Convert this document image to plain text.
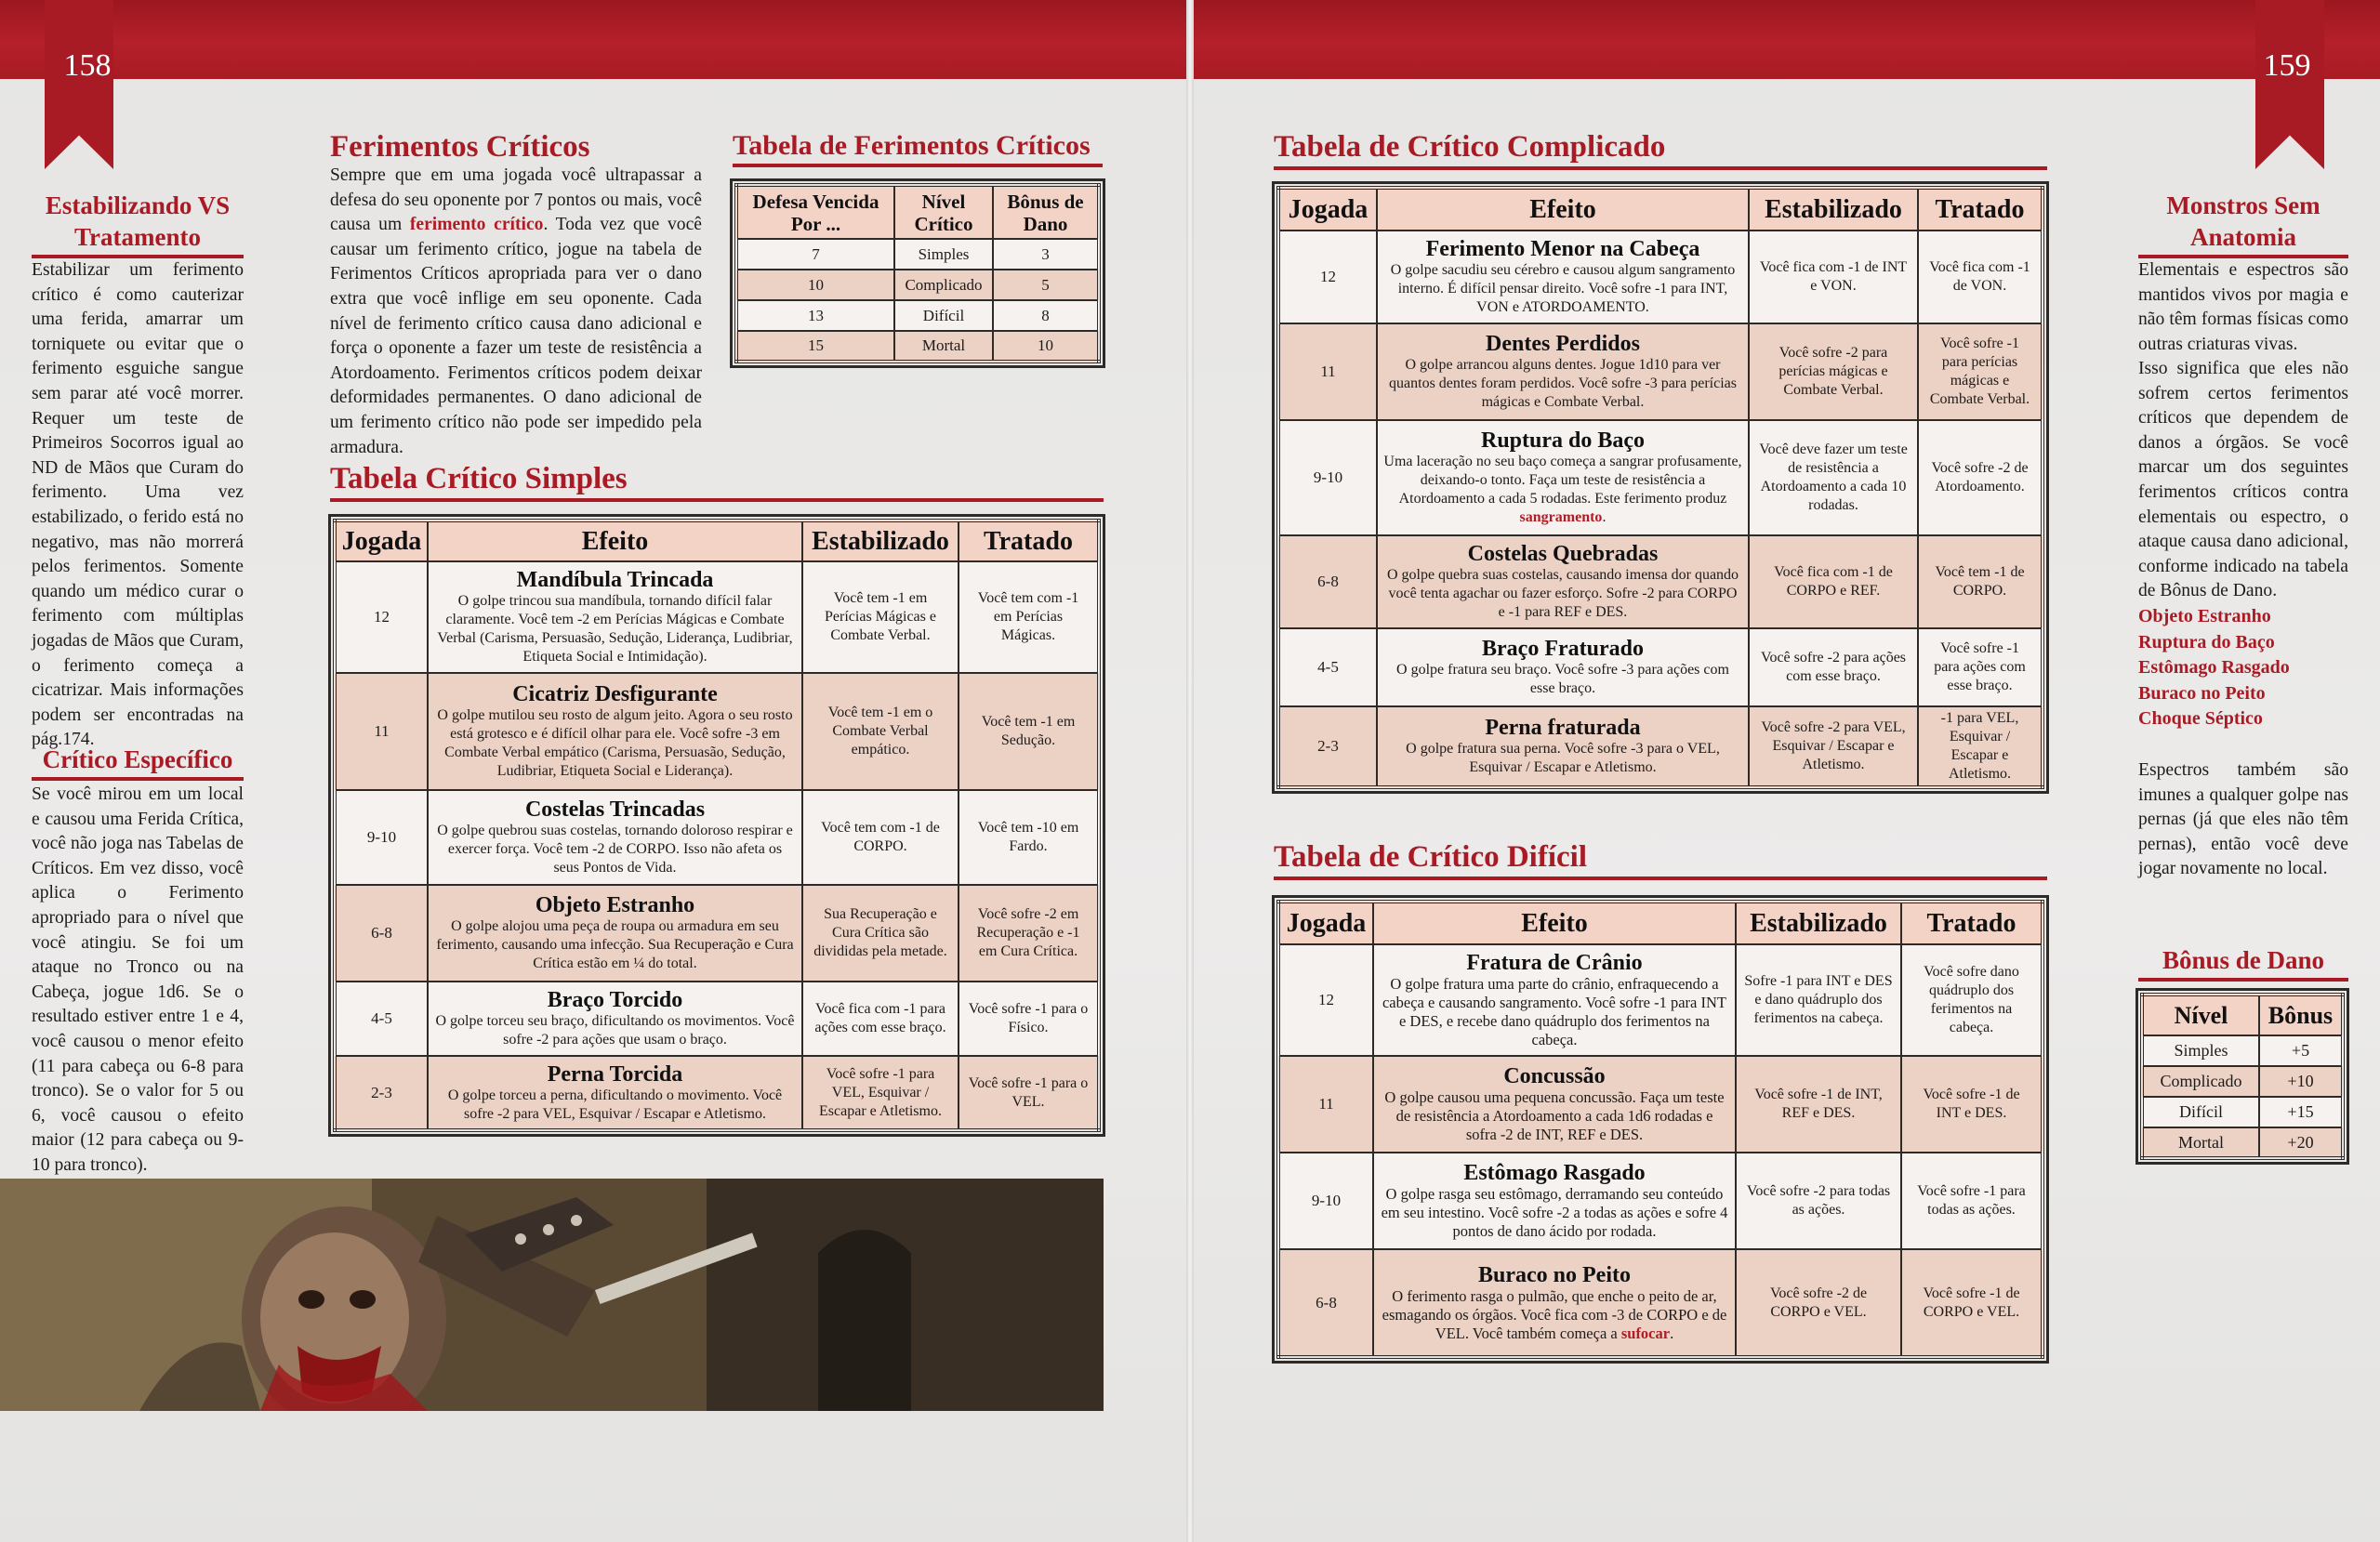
158	159
Estabilizando VS Tratamento
Estabilizar um ferimento crítico é como cauterizar uma ferida, amarrar um torniquete ou evitar que o ferimento esguiche sangue sem parar até você morrer. Requer um teste de Primeiros Socorros igual ao ND de Mãos que Curam do ferimento. Uma vez estabilizado, o ferido está no negativo, mas não morrerá pelos ferimentos. Somente quando um médico curar o ferimento com múltiplas jogadas de Mãos que Curam, o ferimento começa a cicatrizar. Mais informações podem ser encontradas na pág.174.
Crítico Específico
Se você mirou em um local e causou uma Ferida Crítica, você não joga nas Tabelas de Críticos. Em vez disso, você aplica o Ferimento apropriado para o nível que você atingiu. Se foi um ataque no Tronco ou na Cabeça, jogue 1d6. Se o resultado estiver entre 1 e 4, você causou o menor efeito (11 para cabeça ou 6-8 para tronco). Se o valor for 5 ou 6, você causou o efeito maior (12 para cabeça ou 9-10 para tronco).
Ferimentos Críticos
Sempre que em uma jogada você ultrapassar a defesa do seu oponente por 7 pontos ou mais, você causa um ferimento crítico. Toda vez que você causar um ferimento crítico, jogue na tabela de Ferimentos Críticos apropriada para ver o dano extra que você inflige em seu oponente. Cada nível de ferimento crítico causa dano adicional e força o oponente a fazer um teste de resistência a Atordoamento. Ferimentos críticos podem deixar deformidades permanentes. O dano adicional de um ferimento crítico não pode ser impedido pela armadura.
Tabela de Ferimentos Críticos
Defesa Vencida Por ...	Nível Crítico	Bônus de Dano
7	Simples	3
10	Complicado	5
13	Difícil	8
15	Mortal	10
Tabela Crítico Simples
Jogada	Efeito	Estabilizado	Tratado
12	Mandíbula Trincada
O golpe trincou sua mandíbula, tornando difícil falar claramente. Você tem -2 em Perícias Mágicas e Combate Verbal (Carisma, Persuasão, Sedução, Liderança, Ludibriar, Etiqueta Social e Intimidação).	Você tem -1 em Perícias Mágicas e Combate Verbal.	Você tem com -1 em Perícias Mágicas.
11	Cicatriz Desfigurante
O golpe mutilou seu rosto de algum jeito. Agora o seu rosto está grotesco e é difícil olhar para ele. Você sofre -3 em Combate Verbal empático (Carisma, Persuasão, Sedução, Ludibriar, Etiqueta Social e Liderança).	Você tem -1 em o Combate Verbal empático.	Você tem -1 em Sedução.
9-10	Costelas Trincadas
O golpe quebrou suas costelas, tornando doloroso respirar e exercer força. Você tem -2 de CORPO. Isso não afeta os seus Pontos de Vida.	Você tem com -1 de CORPO.	Você tem -10 em Fardo.
6-8	Objeto Estranho
O golpe alojou uma peça de roupa ou armadura em seu ferimento, causando uma infecção. Sua Recuperação e Cura Crítica estão em ¼ do total.	Sua Recuperação e Cura Crítica são divididas pela metade.	Você sofre -2 em Recuperação e -1 em Cura Crítica.
4-5	Braço Torcido
O golpe torceu seu braço, dificultando os movimentos. Você sofre -2 para ações que usam o braço.	Você fica com -1 para ações com esse braço.	Você sofre -1 para o Físico.
2-3	Perna Torcida
O golpe torceu a perna, dificultando o movimento. Você sofre -2 para VEL, Esquivar / Escapar e Atletismo.	Você sofre -1 para VEL, Esquivar / Escapar e Atletismo.	Você sofre -1 para o VEL.
Tabela de Crítico Complicado
Jogada	Efeito	Estabilizado	Tratado
12	Ferimento Menor na Cabeça
O golpe sacudiu seu cérebro e causou algum sangramento interno. É difícil pensar direito. Você sofre -1 para INT, VON e ATORDOAMENTO.	Você fica com -1 de INT e VON.	Você fica com -1 de VON.
11	Dentes Perdidos
O golpe arrancou alguns dentes. Jogue 1d10 para ver quantos dentes foram perdidos. Você sofre -3 para perícias mágicas e Combate Verbal.	Você sofre -2 para perícias mágicas e Combate Verbal.	Você sofre -1 para perícias mágicas e Combate Verbal.
9-10	Ruptura do Baço
Uma laceração no seu baço começa a sangrar profusamente, deixando-o tonto. Faça um teste de resistência a Atordoamento a cada 5 rodadas. Este ferimento produz sangramento.	Você deve fazer um teste de resistência a Atordoamento a cada 10 rodadas.	Você sofre -2 de Atordoamento.
6-8	Costelas Quebradas
O golpe quebra suas costelas, causando imensa dor quando você tenta agachar ou fazer esforço. Sofre -2 para CORPO e -1 para REF e DES.	Você fica com -1 de CORPO e REF.	Você tem -1 de CORPO.
4-5	Braço Fraturado
O golpe fratura seu braço. Você sofre -3 para ações com esse braço.	Você sofre -2 para ações com esse braço.	Você sofre -1 para ações com esse braço.
2-3	Perna fraturada
O golpe fratura sua perna. Você sofre -3 para o VEL, Esquivar / Escapar e Atletismo.	Você sofre -2 para VEL, Esquivar / Escapar e Atletismo.	-1 para VEL, Esquivar / Escapar e Atletismo.
Tabela de Crítico Difícil
Jogada	Efeito	Estabilizado	Tratado
12	Fratura de Crânio
O golpe fratura uma parte do crânio, enfraquecendo a cabeça e causando sangramento. Você sofre -1 para INT e DES, e recebe dano quádruplo dos ferimentos na cabeça.	Sofre -1 para INT e DES e dano quádruplo dos ferimentos na cabeça.	Você sofre dano quádruplo dos ferimentos na cabeça.
11	Concussão
O golpe causou uma pequena concussão. Faça um teste de resistência a Atordoamento a cada 1d6 rodadas e sofra -2 de INT, REF e DES.	Você sofre -1 de INT, REF e DES.	Você sofre -1 de INT e DES.
9-10	Estômago Rasgado
O golpe rasga seu estômago, derramando seu conteúdo em seu intestino. Você sofre -2 a todas as ações e sofre 4 pontos de dano ácido por rodada.	Você sofre -2 para todas as ações.	Você sofre -1 para todas as ações.
6-8	Buraco no Peito
O ferimento rasga o pulmão, que enche o peito de ar, esmagando os órgãos. Você fica com -3 de CORPO e de VEL. Você também começa a sufocar.	Você sofre -2 de CORPO e VEL.	Você sofre -1 de CORPO e VEL.
Monstros Sem Anatomia
Elementais e espectros são mantidos vivos por magia e não têm formas físicas como outras criaturas vivas.
Isso significa que eles não sofrem certos ferimentos críticos que dependem de danos a órgãos. Se você marcar um dos seguintes ferimentos críticos contra elementais ou espectro, o ataque causa dano adicional, conforme indicado na tabela de Bônus de Dano.
Objeto Estranho
Ruptura do Baço
Estômago Rasgado
Buraco no Peito
Choque Séptico
Espectros também são imunes a qualquer golpe nas pernas (já que eles não têm pernas), então você deve jogar novamente no local.
Bônus de Dano
Nível	Bônus
Simples	+5
Complicado	+10
Difícil	+15
Mortal	+20
